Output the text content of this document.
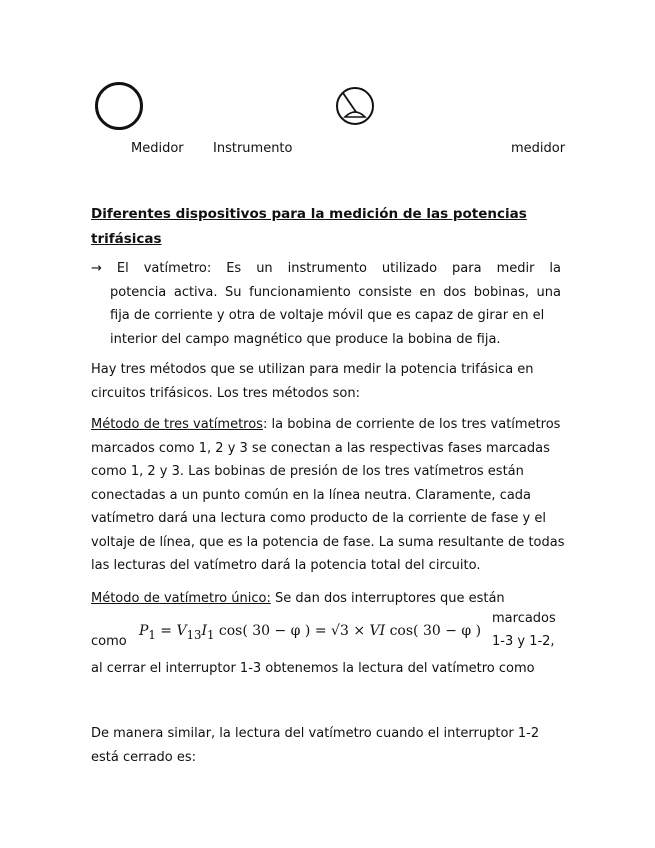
Medidor Instrumento	medidor
Diferentes dispositivos para la medición de las potencias trifásicas
→ El vatímetro: Es un instrumento utilizado para medir la
potencia activa. Su funcionamiento consiste en dos bobinas, una
fija de corriente y otra de voltaje móvil que es capaz de girar en el
interior del campo magnético que produce la bobina de fija.
Hay tres métodos que se utilizan para medir la potencia trifásica en circuitos trifásicos. Los tres métodos son:
Método de tres vatímetros: la bobina de corriente de los tres vatímetros marcados como 1, 2 y 3 se conectan a las respectivas fases marcadas como 1, 2 y 3. Las bobinas de presión de los tres vatímetros están conectadas a un punto común en la línea neutra. Claramente, cada vatímetro dará una lectura como producto de la corriente de fase y el voltaje de línea, que es la potencia de fase. La suma resultante de todas las lecturas del vatímetro dará la potencia total del circuito.
Método de vatímetro único: Se dan dos interruptores que están
marcados
como
$P_1 = V_{13}I_1$ cos( 30 − φ ) = √3 × VI cos( 30 − φ )
1-3 y 1-2,
al cerrar el interruptor 1-3 obtenemos la lectura del vatímetro como
De manera similar, la lectura del vatímetro cuando el interruptor 1-2 está cerrado es:
